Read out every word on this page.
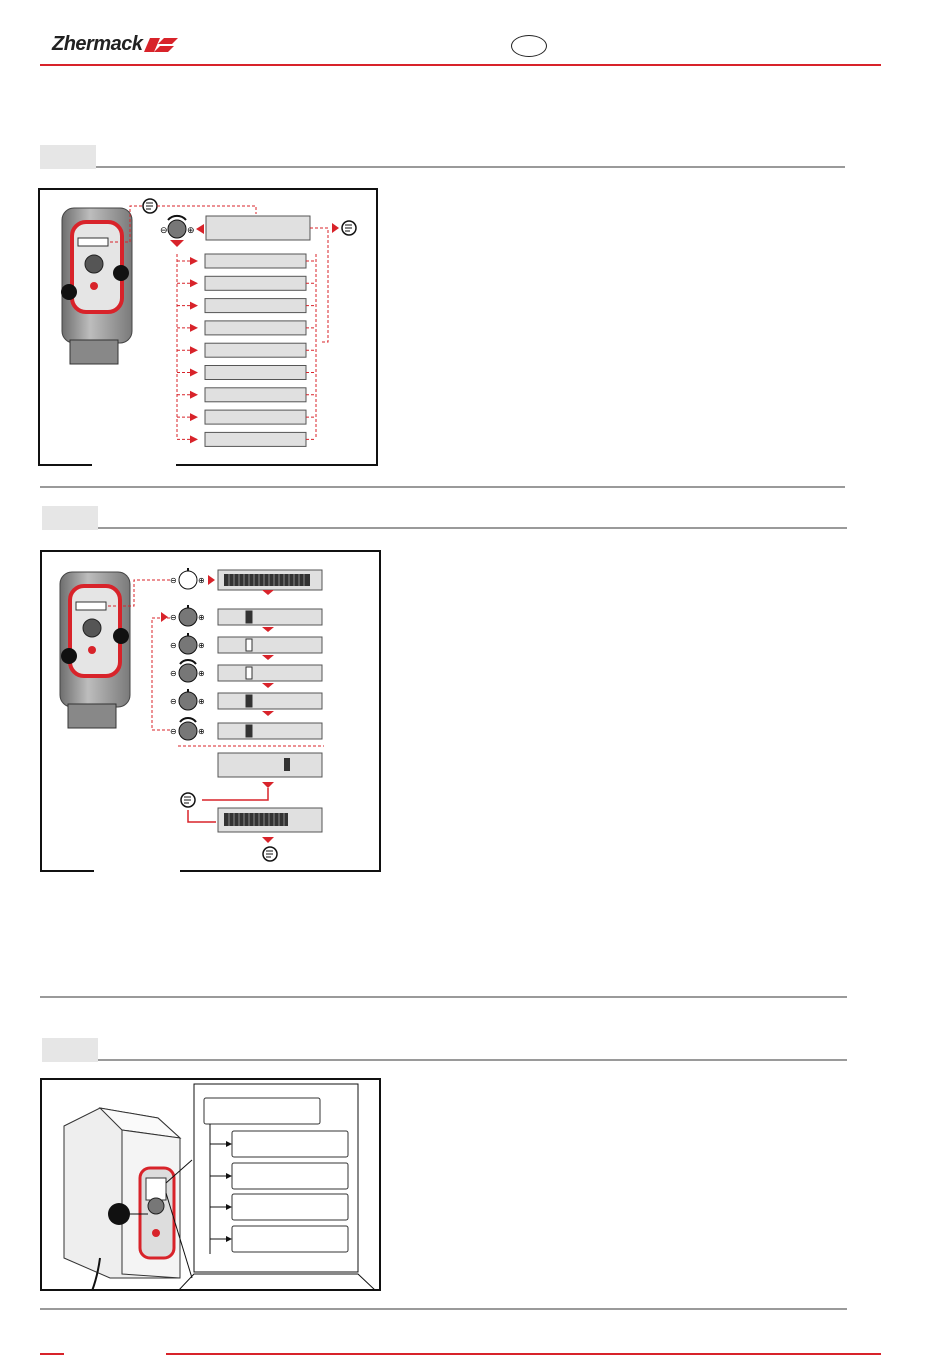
Zhermack
⊖ ⊕
⊖	⊕
⊖	⊕
⊖	⊕
⊖	⊕
⊖	⊕
⊖	⊕
